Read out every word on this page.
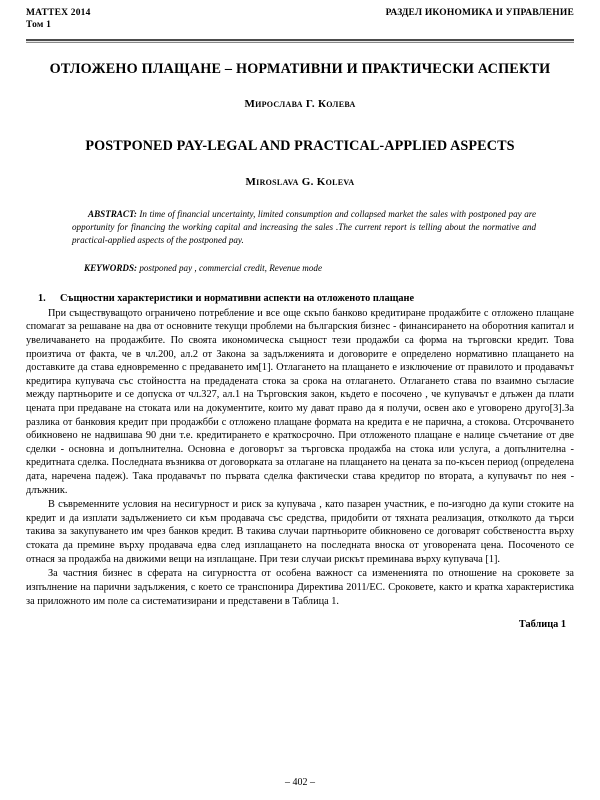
MATTEX 2014
Том 1
РАЗДЕЛ ИКОНОМИКА И УПРАВЛЕНИЕ
ОТЛОЖЕНО ПЛАЩАНЕ – НОРМАТИВНИ И ПРАКТИЧЕСКИ АСПЕКТИ
Мирослава Г. Колева
POSTPONED PAY-LEGAL AND PRACTICAL-APPLIED ASPECTS
Miroslava G. Koleva
ABSTRACT: In time of financial uncertainty, limited consumption and collapsed market the sales with postponed pay are opportunity for financing the working capital and increasing the sales .The current report is telling about the normative and practical-applied aspects of the postponed pay.
KEYWORDS: postponed pay , commercial credit, Revenue mode
1. Същностни характеристики и нормативни аспекти на отложеното плащане

При съществуващото ограничено потребление и все още скъпо банково кредитиране продажбите с отложено плащане спомагат за решаване на два от основните текущи проблеми на българския бизнес - финансирането на оборотния капитал и увеличаването на продажбите. По своята икономическа същност тези продажби са форма на търговски кредит. Това произтича от факта, че в чл.200, ал.2 от Закона за задълженията и договорите е определено нормативно плащането на доставките да става едновременно с предаването им[1]. Отлагането на плащането е изключение от правилото и продавачът кредитира купувача със стойността на предадената стока за срока на отлагането. Отлагането става по взаимно съгласие между партньорите и се допуска от чл.327, ал.1 на Търговския закон, където е посочено , че купувачът е длъжен да плати цената при предаване на стоката или на документите, които му дават право да я получи, освен ако е уговорено друго[3].За разлика от банковия кредит при продажбби с отложено плащане формата на кредита е не парична, а стокова. Отсрочването обикновено не надвишава 90 дни т.е. кредитирането е краткосрочно. При отложеното плащане е налице съчетание от две сделки - основна и допълнителна. Основна е договорът за търговска продажба на стока или услуга, а допълнителна - кредитната сделка. Последната възниква от договорката за отлагане на плащането на цената за по-късен период (определена дата, наречена падеж). Така продавачът по първата сделка фактически става кредитор по втората, а купувачът по нея - длъжник.

В съвременните условия на несигурност и риск за купувача , като пазарен участник, е по-изгодно да купи стоките на кредит и да изплати задължението си към продавача със средства, придобити от тяхната реализация, отколкото да търси такива за закупуването им чрез банков кредит. В такива случаи партньорите обикновено се договарят собствеността върху стоката да премине върху продавача едва след изплащането на последната вноска от уговорената цена. Посоченото се отнася за продажба на движими вещи на изплащане. При тези случаи рискът преминава върху купувача [1].

За частния бизнес в сферата на сигурността от особена важност са измененията по отношение на сроковете за изпълнение на парични задължения, с което се транспонира Директива 2011/ЕС. Сроковете, както и кратка характеристика за приложното им поле са систематизирани и представени в Таблица 1.

Таблица 1
– 402 –
